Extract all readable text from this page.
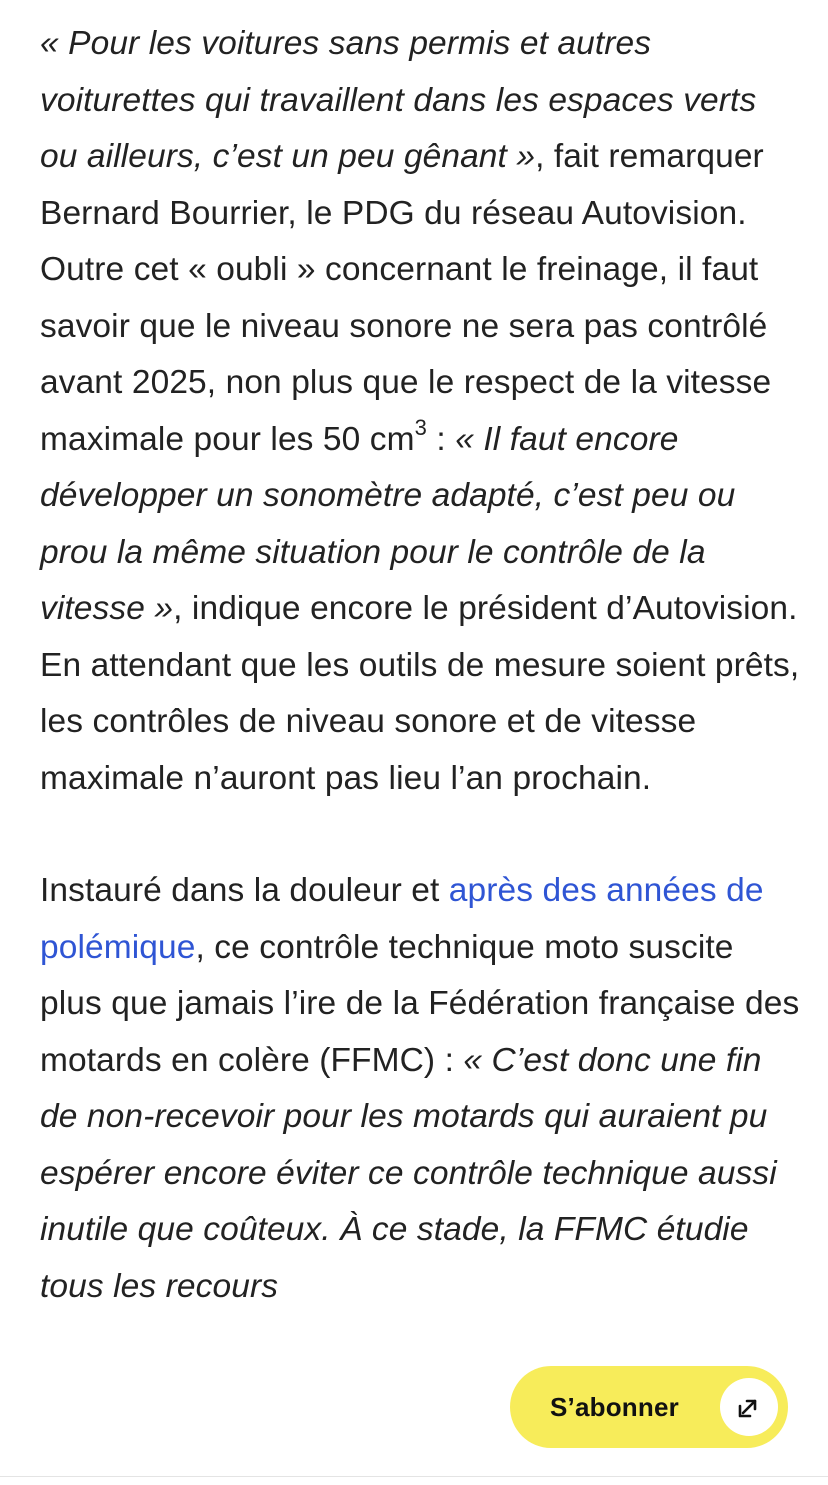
« Pour les voitures sans permis et autres voiturettes qui travaillent dans les espaces verts ou ailleurs, c’est un peu gênant », fait remarquer Bernard Bourrier, le PDG du réseau Autovision. Outre cet « oubli » concernant le freinage, il faut savoir que le niveau sonore ne sera pas contrôlé avant 2025, non plus que le respect de la vitesse maximale pour les 50 $cm^3$ : « Il faut encore développer un sonomètre adapté, c’est peu ou prou la même situation pour le contrôle de la vitesse », indique encore le président d’Autovision. En attendant que les outils de mesure soient prêts, les contrôles de niveau sonore et de vitesse maximale n’auront pas lieu l’an prochain.

Instauré dans la douleur et après des années de polémique, ce contrôle technique moto suscite plus que jamais l’ire de la Fédération française des motards en colère (FFMC) : « C’est donc une fin de non-recevoir pour les motards qui auraient pu espérer encore éviter ce contrôle technique aussi inutile que coûteux. À ce stade, la FFMC étudie tous les recours

S’abonner
